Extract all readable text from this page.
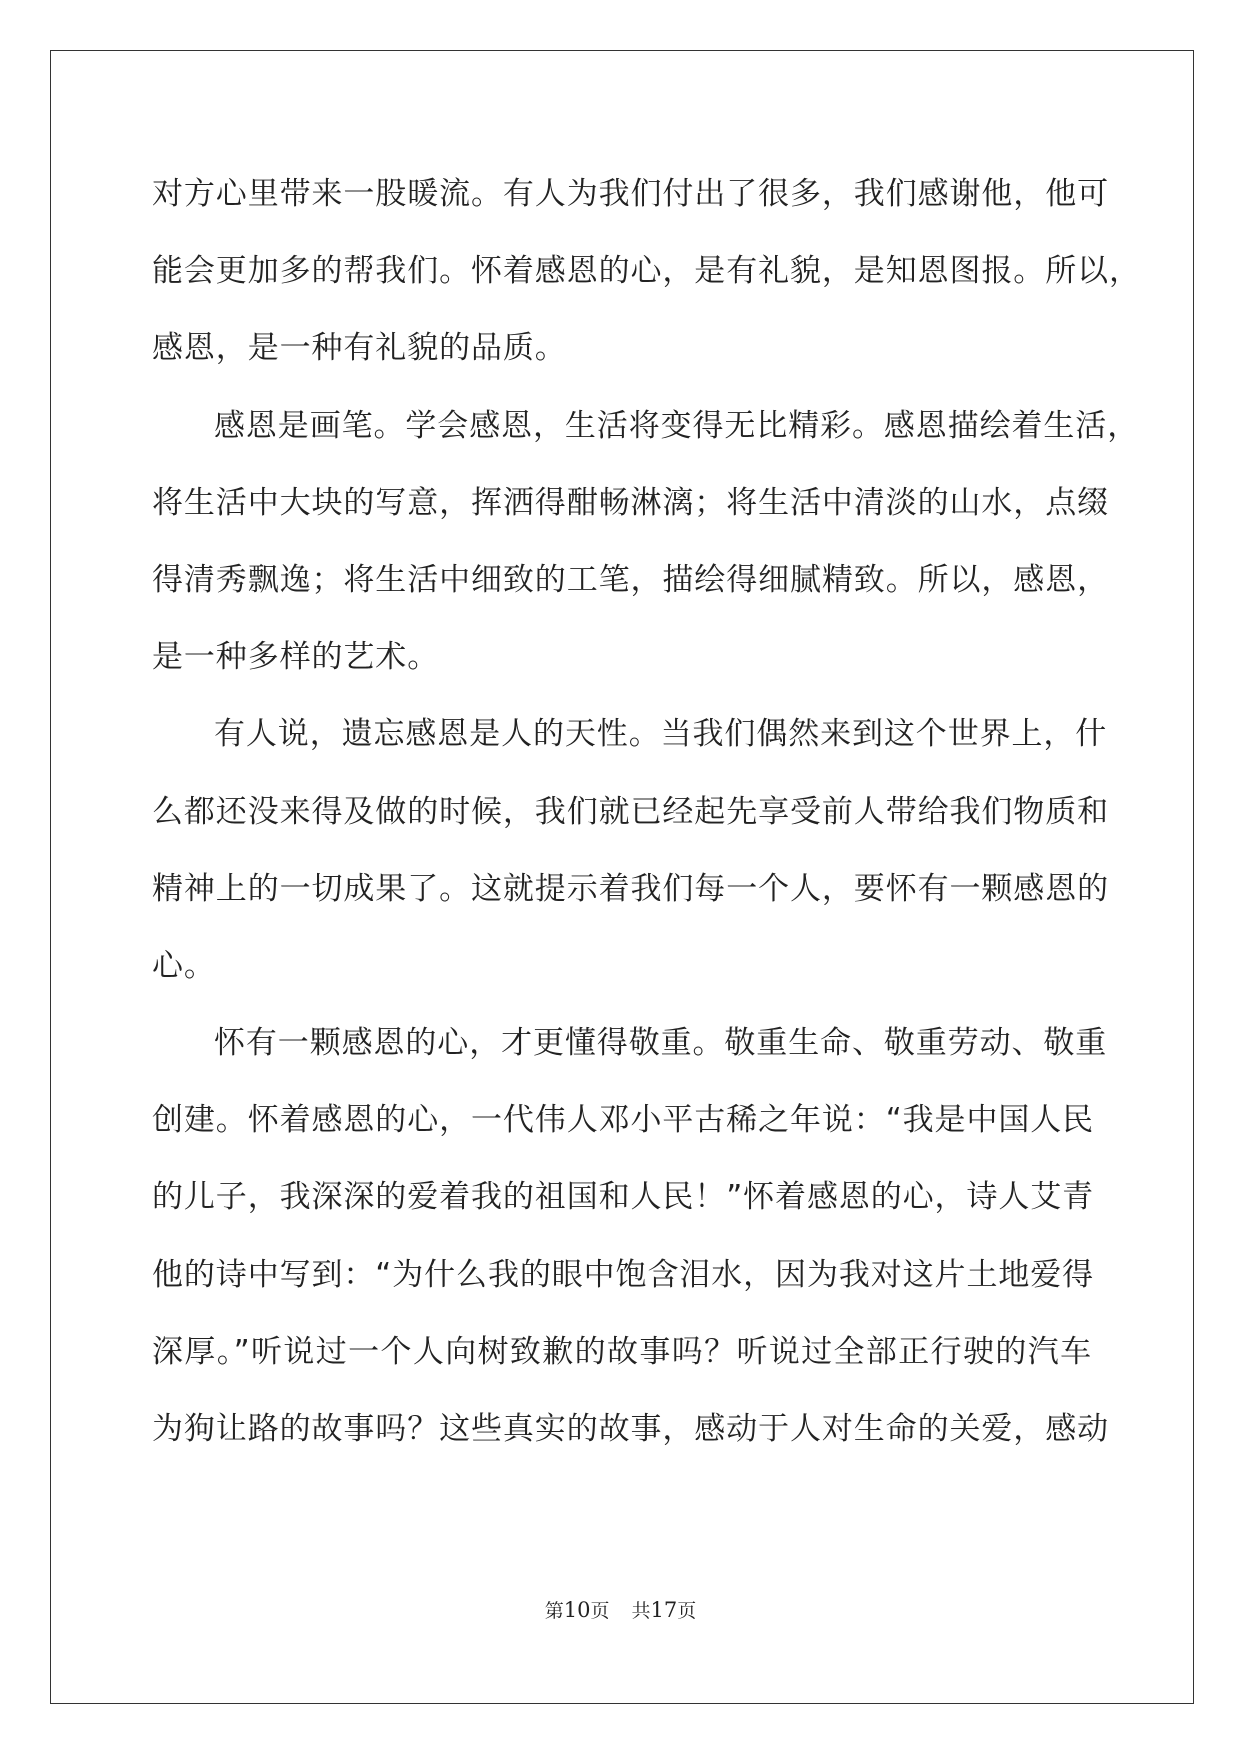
对方心里带来一股暖流。有人为我们付出了很多，我们感谢他，他可
能会更加多的帮我们。怀着感恩的心，是有礼貌，是知恩图报。所以，
感恩，是一种有礼貌的品质。
感恩是画笔。学会感恩，生活将变得无比精彩。感恩描绘着生活，
将生活中大块的写意，挥洒得酣畅淋漓；将生活中清淡的山水，点缀
得清秀飘逸；将生活中细致的工笔，描绘得细腻精致。所以，感恩，
是一种多样的艺术。
有人说，遗忘感恩是人的天性。当我们偶然来到这个世界上，什
么都还没来得及做的时候，我们就已经起先享受前人带给我们物质和
精神上的一切成果了。这就提示着我们每一个人，要怀有一颗感恩的
心。
怀有一颗感恩的心，才更懂得敬重。敬重生命、敬重劳动、敬重
创建。怀着感恩的心，一代伟人邓小平古稀之年说：“我是中国人民
的儿子，我深深的爱着我的祖国和人民！”怀着感恩的心，诗人艾青
他的诗中写到：“为什么我的眼中饱含泪水，因为我对这片土地爱得
深厚。”听说过一个人向树致歉的故事吗？听说过全部正行驶的汽车
为狗让路的故事吗？这些真实的故事，感动于人对生命的关爱，感动
第10页 共17页
